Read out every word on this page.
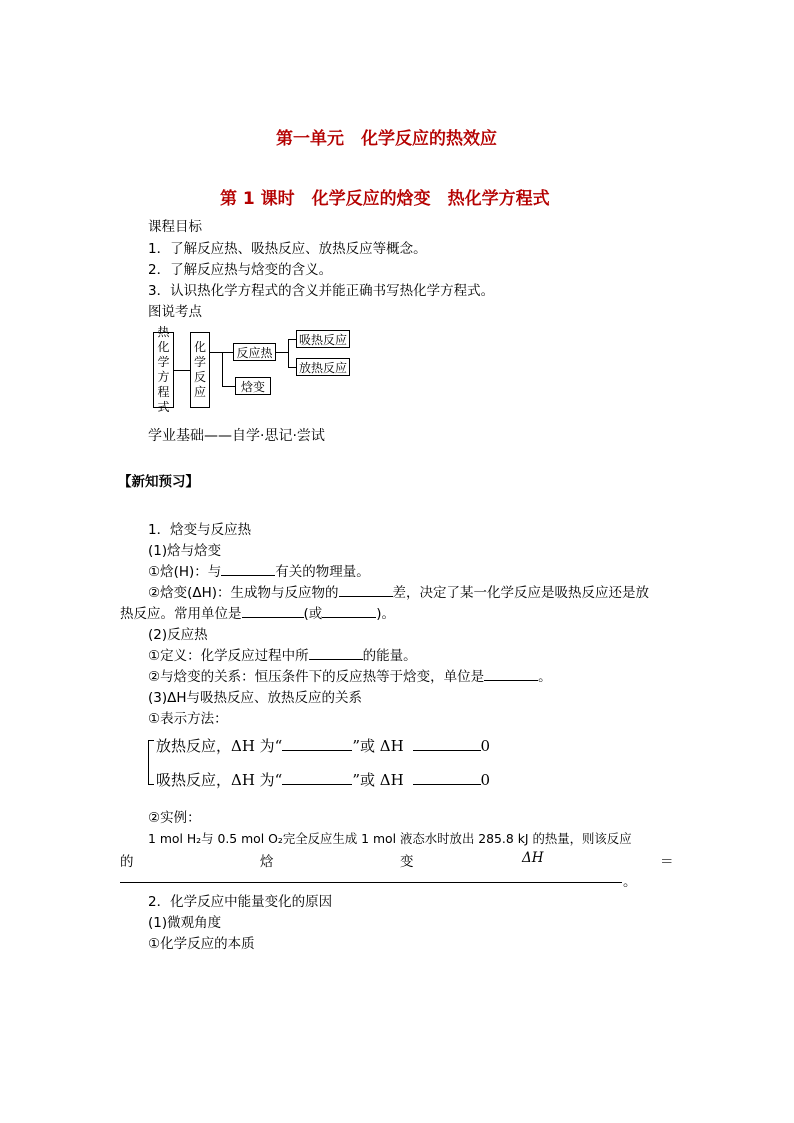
第一单元　化学反应的热效应
第 1 课时　化学反应的焓变　热化学方程式
课程目标
1．了解反应热、吸热反应、放热反应等概念。
2．了解反应热与焓变的含义。
3．认识热化学方程式的含义并能正确书写热化学方程式。
图说考点
热
化
学
方
程
式
化
学
反
应
反应热
焓变
吸热反应
放热反应
学业基础——自学·思记·尝试
【新知预习】
1．焓变与反应热
(1)焓与焓变
①焓(H)：与	有关的物理量。
②焓变(ΔH)：生成物与反应物的	差，决定了某一化学反应是吸热反应还是放
热反应。常用单位是	(或	)。
(2)反应热
①定义：化学反应过程中所	的能量。
②与焓变的关系：恒压条件下的反应热等于焓变，单位是	。
(3)ΔH与吸热反应、放热反应的关系
①表示方法：
放热反应，ΔH 为“	”或 ΔH	0
吸热反应，ΔH 为“	”或 ΔH	0
②实例：
1 mol H₂与 0.5 mol O₂完全反应生成 1 mol 液态水时放出 285.8 kJ 的热量，则该反应
的	焓	变	ΔH	＝
。
2．化学反应中能量变化的原因
(1)微观角度
①化学反应的本质
